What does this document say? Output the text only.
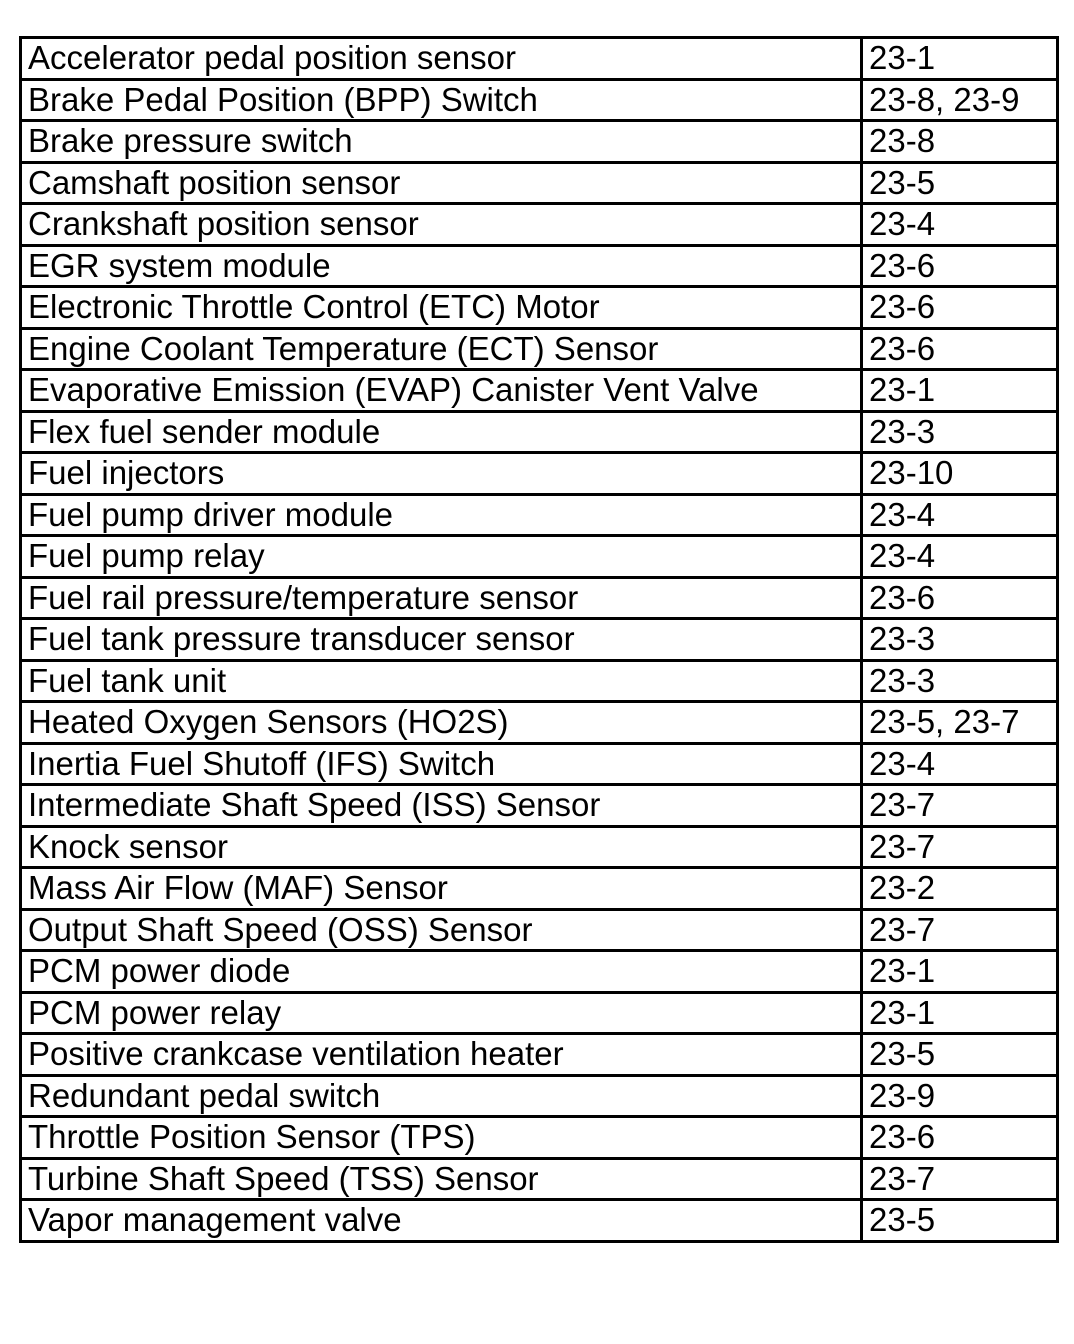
Accelerator pedal position sensor	23-1
Brake Pedal Position (BPP) Switch	23-8, 23-9
Brake pressure switch	23-8
Camshaft position sensor	23-5
Crankshaft position sensor	23-4
EGR system module	23-6
Electronic Throttle Control (ETC) Motor	23-6
Engine Coolant Temperature (ECT) Sensor	23-6
Evaporative Emission (EVAP) Canister Vent Valve	23-1
Flex fuel sender module	23-3
Fuel injectors	23-10
Fuel pump driver module	23-4
Fuel pump relay	23-4
Fuel rail pressure/temperature sensor	23-6
Fuel tank pressure transducer sensor	23-3
Fuel tank unit	23-3
Heated Oxygen Sensors (HO2S)	23-5, 23-7
Inertia Fuel Shutoff (IFS) Switch	23-4
Intermediate Shaft Speed (ISS) Sensor	23-7
Knock sensor	23-7
Mass Air Flow (MAF) Sensor	23-2
Output Shaft Speed (OSS) Sensor	23-7
PCM power diode	23-1
PCM power relay	23-1
Positive crankcase ventilation heater	23-5
Redundant pedal switch	23-9
Throttle Position Sensor (TPS)	23-6
Turbine Shaft Speed (TSS) Sensor	23-7
Vapor management valve	23-5
